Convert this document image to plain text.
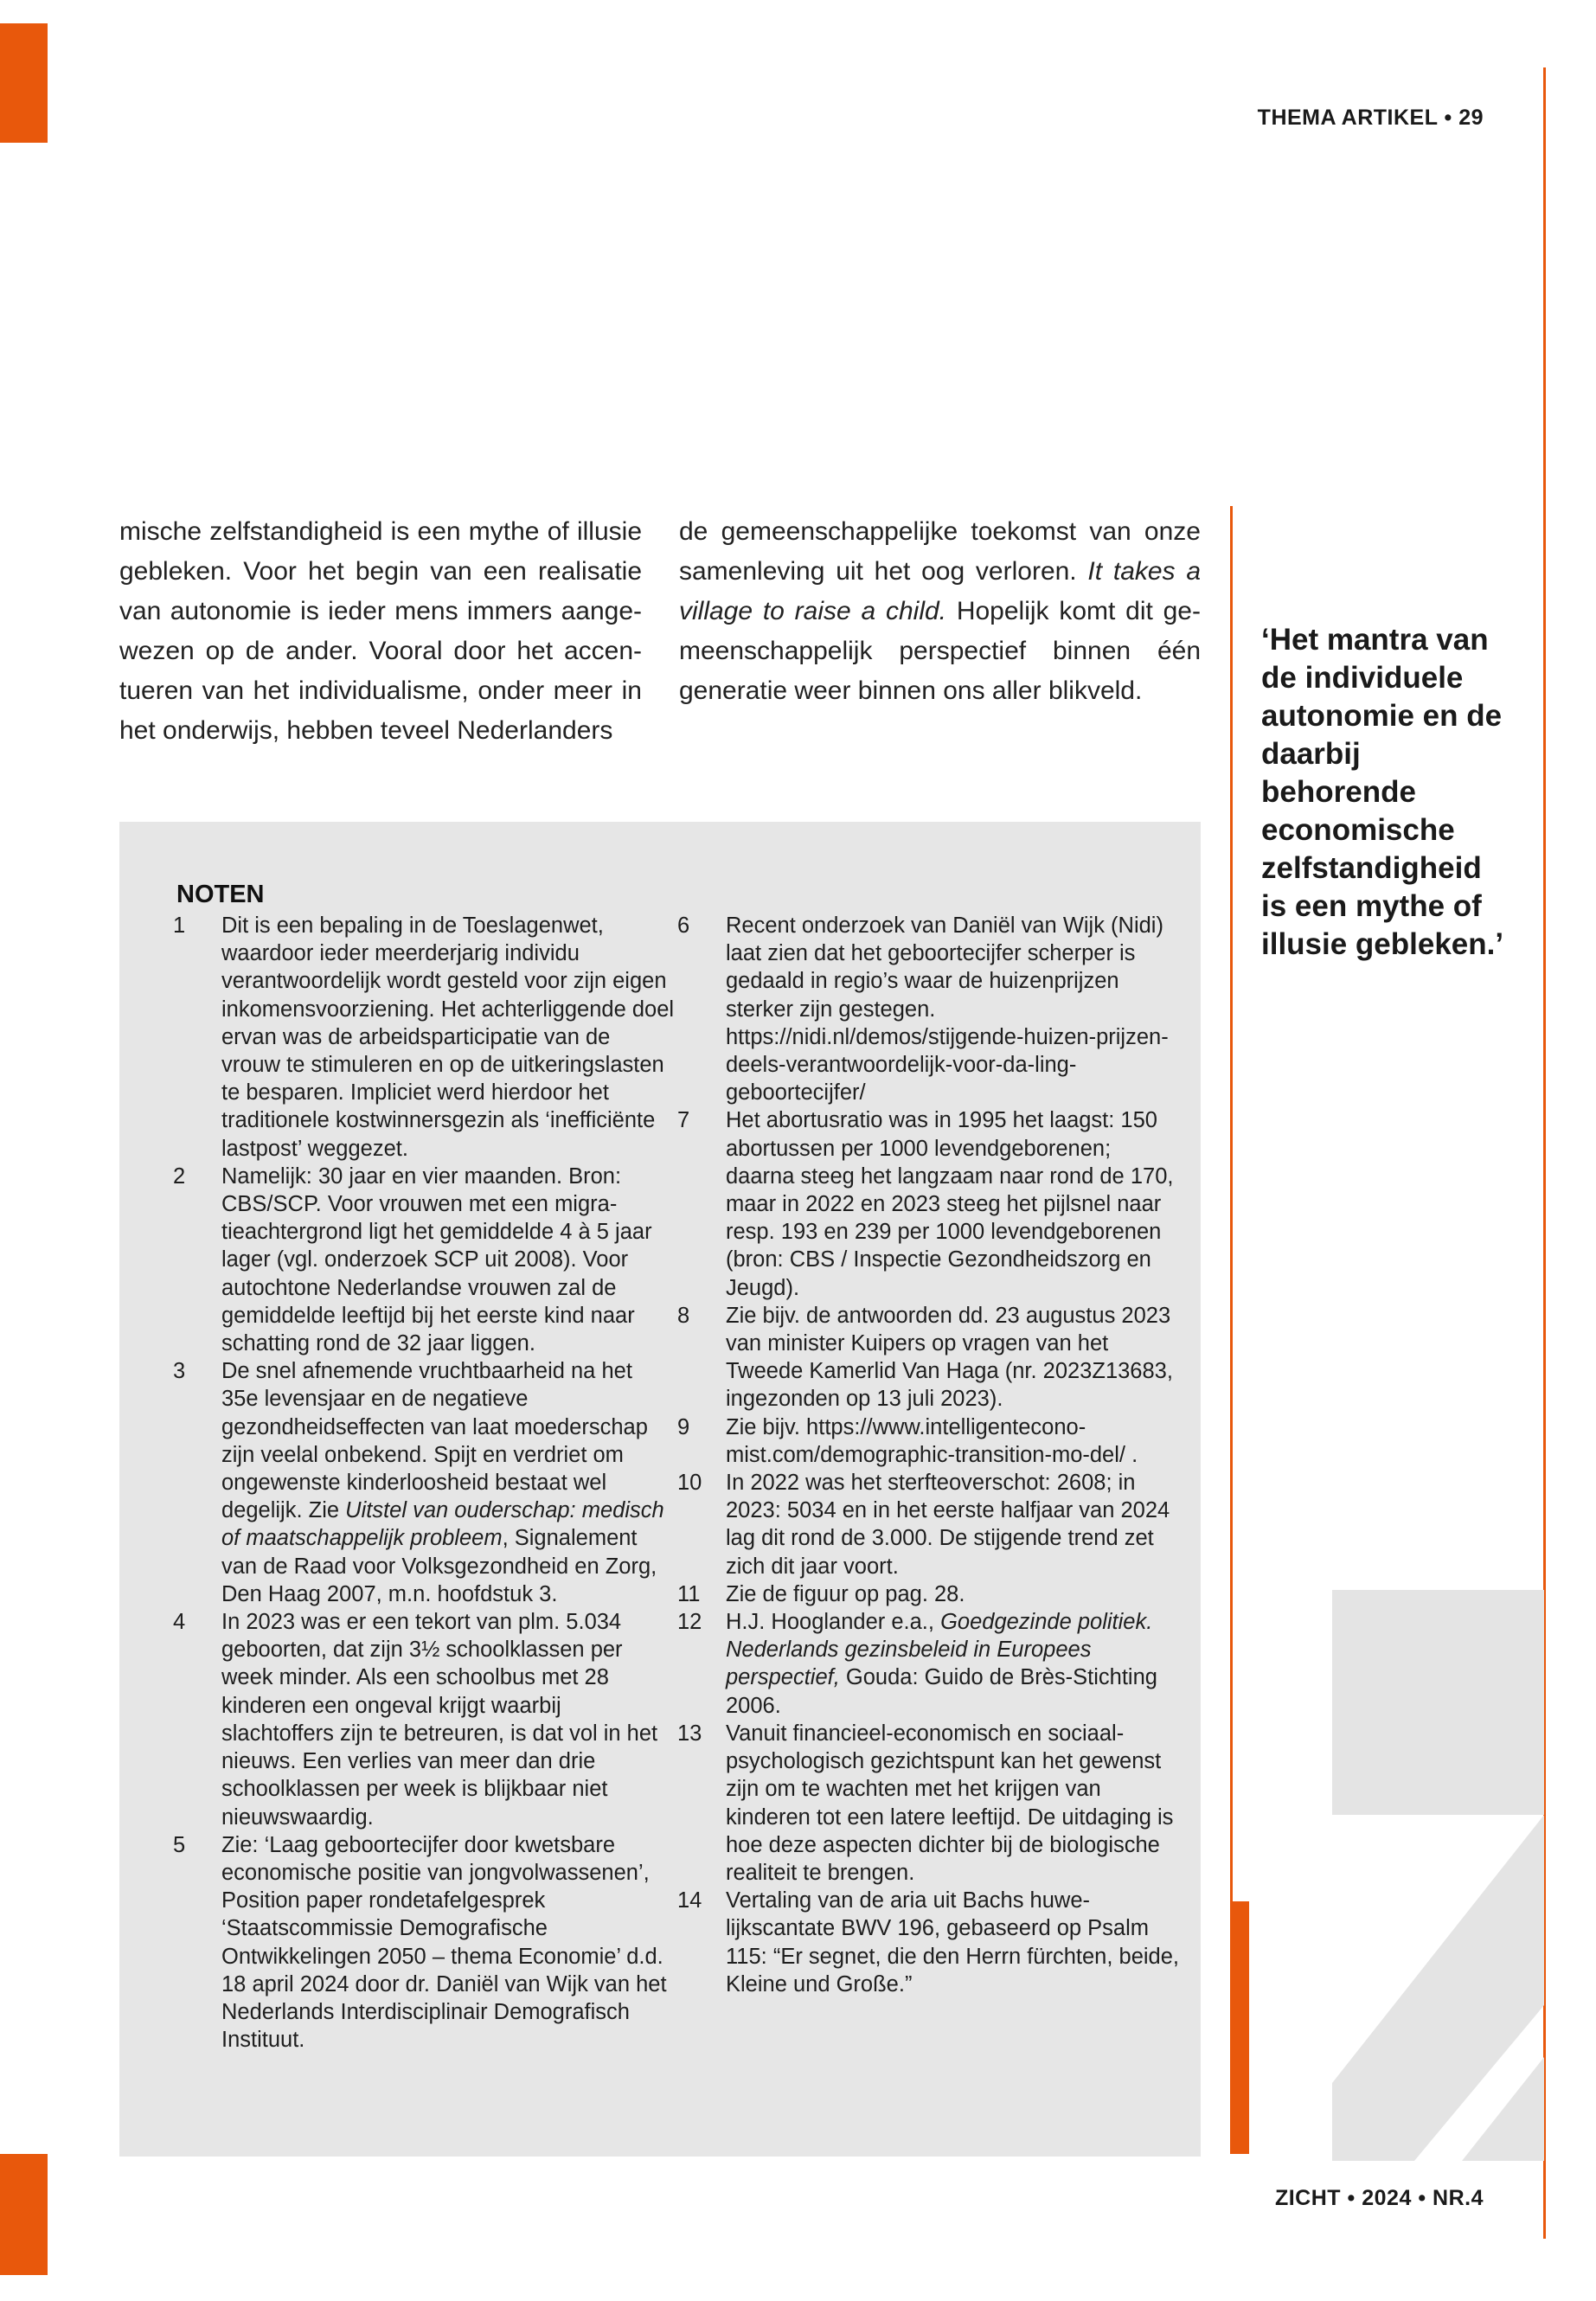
THEMA ARTIKEL • 29

mische zelfstandigheid is een mythe of illusie gebleken. Voor het begin van een realisatie van autonomie is ieder mens immers aangewezen op de ander. Vooral door het accentueren van het individualisme, onder meer in het onderwijs, hebben teveel Nederlanders

de gemeenschappelijke toekomst van onze samenleving uit het oog verloren. It takes a village to raise a child. Hopelijk komt dit gemeenschappelijk perspectief binnen één generatie weer binnen ons aller blikveld.

‘Het mantra van de individuele autonomie en de daarbij behorende economische zelfstandigheid is een mythe of illusie gebleken.’
NOTEN
1	Dit is een bepaling in de Toeslagenwet, waardoor ieder meerderjarig individu verantwoordelijk wordt gesteld voor zijn eigen inkomensvoorziening. Het achterliggende doel ervan was de arbeidsparticipatie van de vrouw te stimuleren en op de uitkeringslasten te besparen. Impliciet werd hierdoor het traditionele kostwinnersgezin als ‘inefficiënte lastpost’ weggezet.
2	Namelijk: 30 jaar en vier maanden. Bron: CBS/SCP. Voor vrouwen met een migratieachtergrond ligt het gemiddelde 4 à 5 jaar lager (vgl. onderzoek SCP uit 2008). Voor autochtone Nederlandse vrouwen zal de gemiddelde leeftijd bij het eerste kind naar schatting rond de 32 jaar liggen.
3	De snel afnemende vruchtbaarheid na het 35e levensjaar en de negatieve gezondheidseffecten van laat moederschap zijn veelal onbekend. Spijt en verdriet om ongewenste kinderloosheid bestaat wel degelijk. Zie Uitstel van ouderschap: medisch of maatschappelijk probleem, Signalement van de Raad voor Volksgezondheid en Zorg, Den Haag 2007, m.n. hoofdstuk 3.
4	In 2023 was er een tekort van plm. 5.034 geboorten, dat zijn 3½ schoolklassen per week minder. Als een schoolbus met 28 kinderen een ongeval krijgt waarbij slachtoffers zijn te betreuren, is dat vol in het nieuws. Een verlies van meer dan drie schoolklassen per week is blijkbaar niet nieuwswaardig.
5	Zie: ‘Laag geboortecijfer door kwetsbare economische positie van jongvolwassenen’, Position paper rondetafelgesprek ‘Staatscommissie Demografische Ontwikkelingen 2050 – thema Economie’ d.d. 18 april 2024 door dr. Daniël van Wijk van het Nederlands Interdisciplinair Demografisch Instituut.
6	Recent onderzoek van Daniël van Wijk (Nidi) laat zien dat het geboortecijfer scherper is gedaald in regio’s waar de huizenprijzen sterker zijn gestegen. https://nidi.nl/demos/stijgende-huizen-prijzen-deels-verantwoordelijk-voor-da-ling-geboortecijfer/
7	Het abortusratio was in 1995 het laagst: 150 abortussen per 1000 levendgeborenen; daarna steeg het langzaam naar rond de 170, maar in 2022 en 2023 steeg het pijlsnel naar resp. 193 en 239 per 1000 levendgeborenen (bron: CBS / Inspectie Gezondheidszorg en Jeugd).
8	Zie bijv. de antwoorden dd. 23 augustus 2023 van minister Kuipers op vragen van het Tweede Kamerlid Van Haga (nr. 2023Z13683, ingezonden op 13 juli 2023).
9	Zie bijv. https://www.intelligentecono-mist.com/demographic-transition-mo-del/ .
10	In 2022 was het sterfteoverschot: 2608; in 2023: 5034 en in het eerste halfjaar van 2024 lag dit rond de 3.000. De stijgende trend zet zich dit jaar voort.
11	Zie de figuur op pag. 28.
12	H.J. Hooglander e.a., Goedgezinde politiek. Nederlands gezinsbeleid in Europees perspectief, Gouda: Guido de Brès-Stichting 2006.
13	Vanuit financieel-economisch en sociaal-psychologisch gezichtspunt kan het gewenst zijn om te wachten met het krijgen van kinderen tot een latere leeftijd. De uitdaging is hoe deze aspecten dichter bij de biologische realiteit te brengen.
14	Vertaling van de aria uit Bachs huwelijkscantate BWV 196, gebaseerd op Psalm 115: “Er segnet, die den Herrn fürchten, beide, Kleine und Große.”
ZICHT • 2024 • NR.4
